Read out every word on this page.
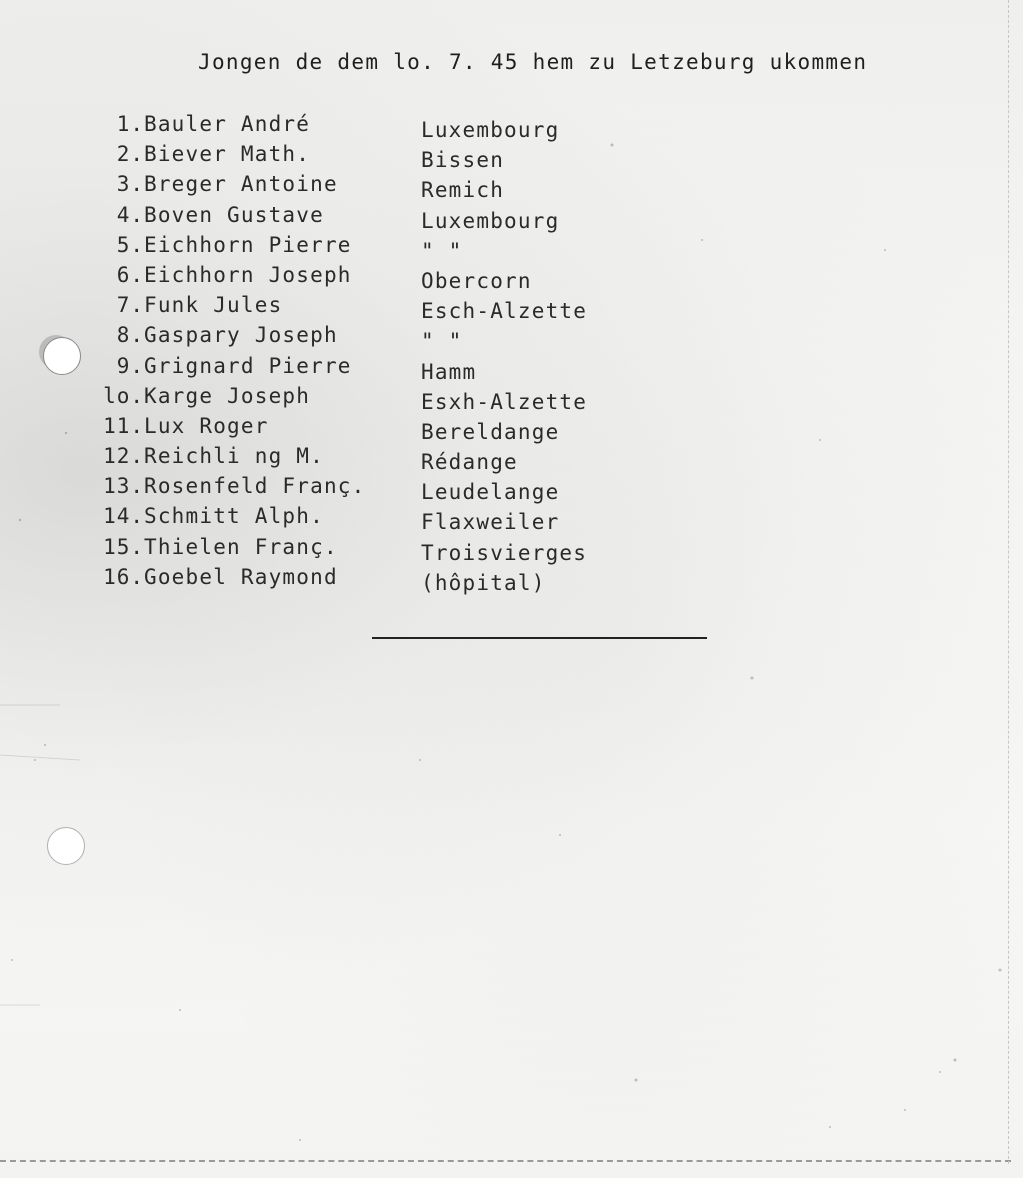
Jongen de dem lo. 7. 45 hem zu Letzeburg ukommen
1. Bauler André	Luxembourg
2. Biever Math.	Bissen
3. Breger Antoine	Remich
4. Boven Gustave	Luxembourg
5. Eichhorn Pierre	" "
6. Eichhorn Joseph	Obercorn
7. Funk Jules	Esch-Alzette
8. Gaspary Joseph	" "
9. Grignard Pierre	Hamm
lo. Karge Joseph	Esxh-Alzette
11. Lux Roger	Bereldange
12. Reichli ng M.	Rédange
13. Rosenfeld Franç.	Leudelange
14. Schmitt Alph.	Flaxweiler
15. Thielen Franç.	Troisvierges
16. Goebel Raymond	(hôpital)
